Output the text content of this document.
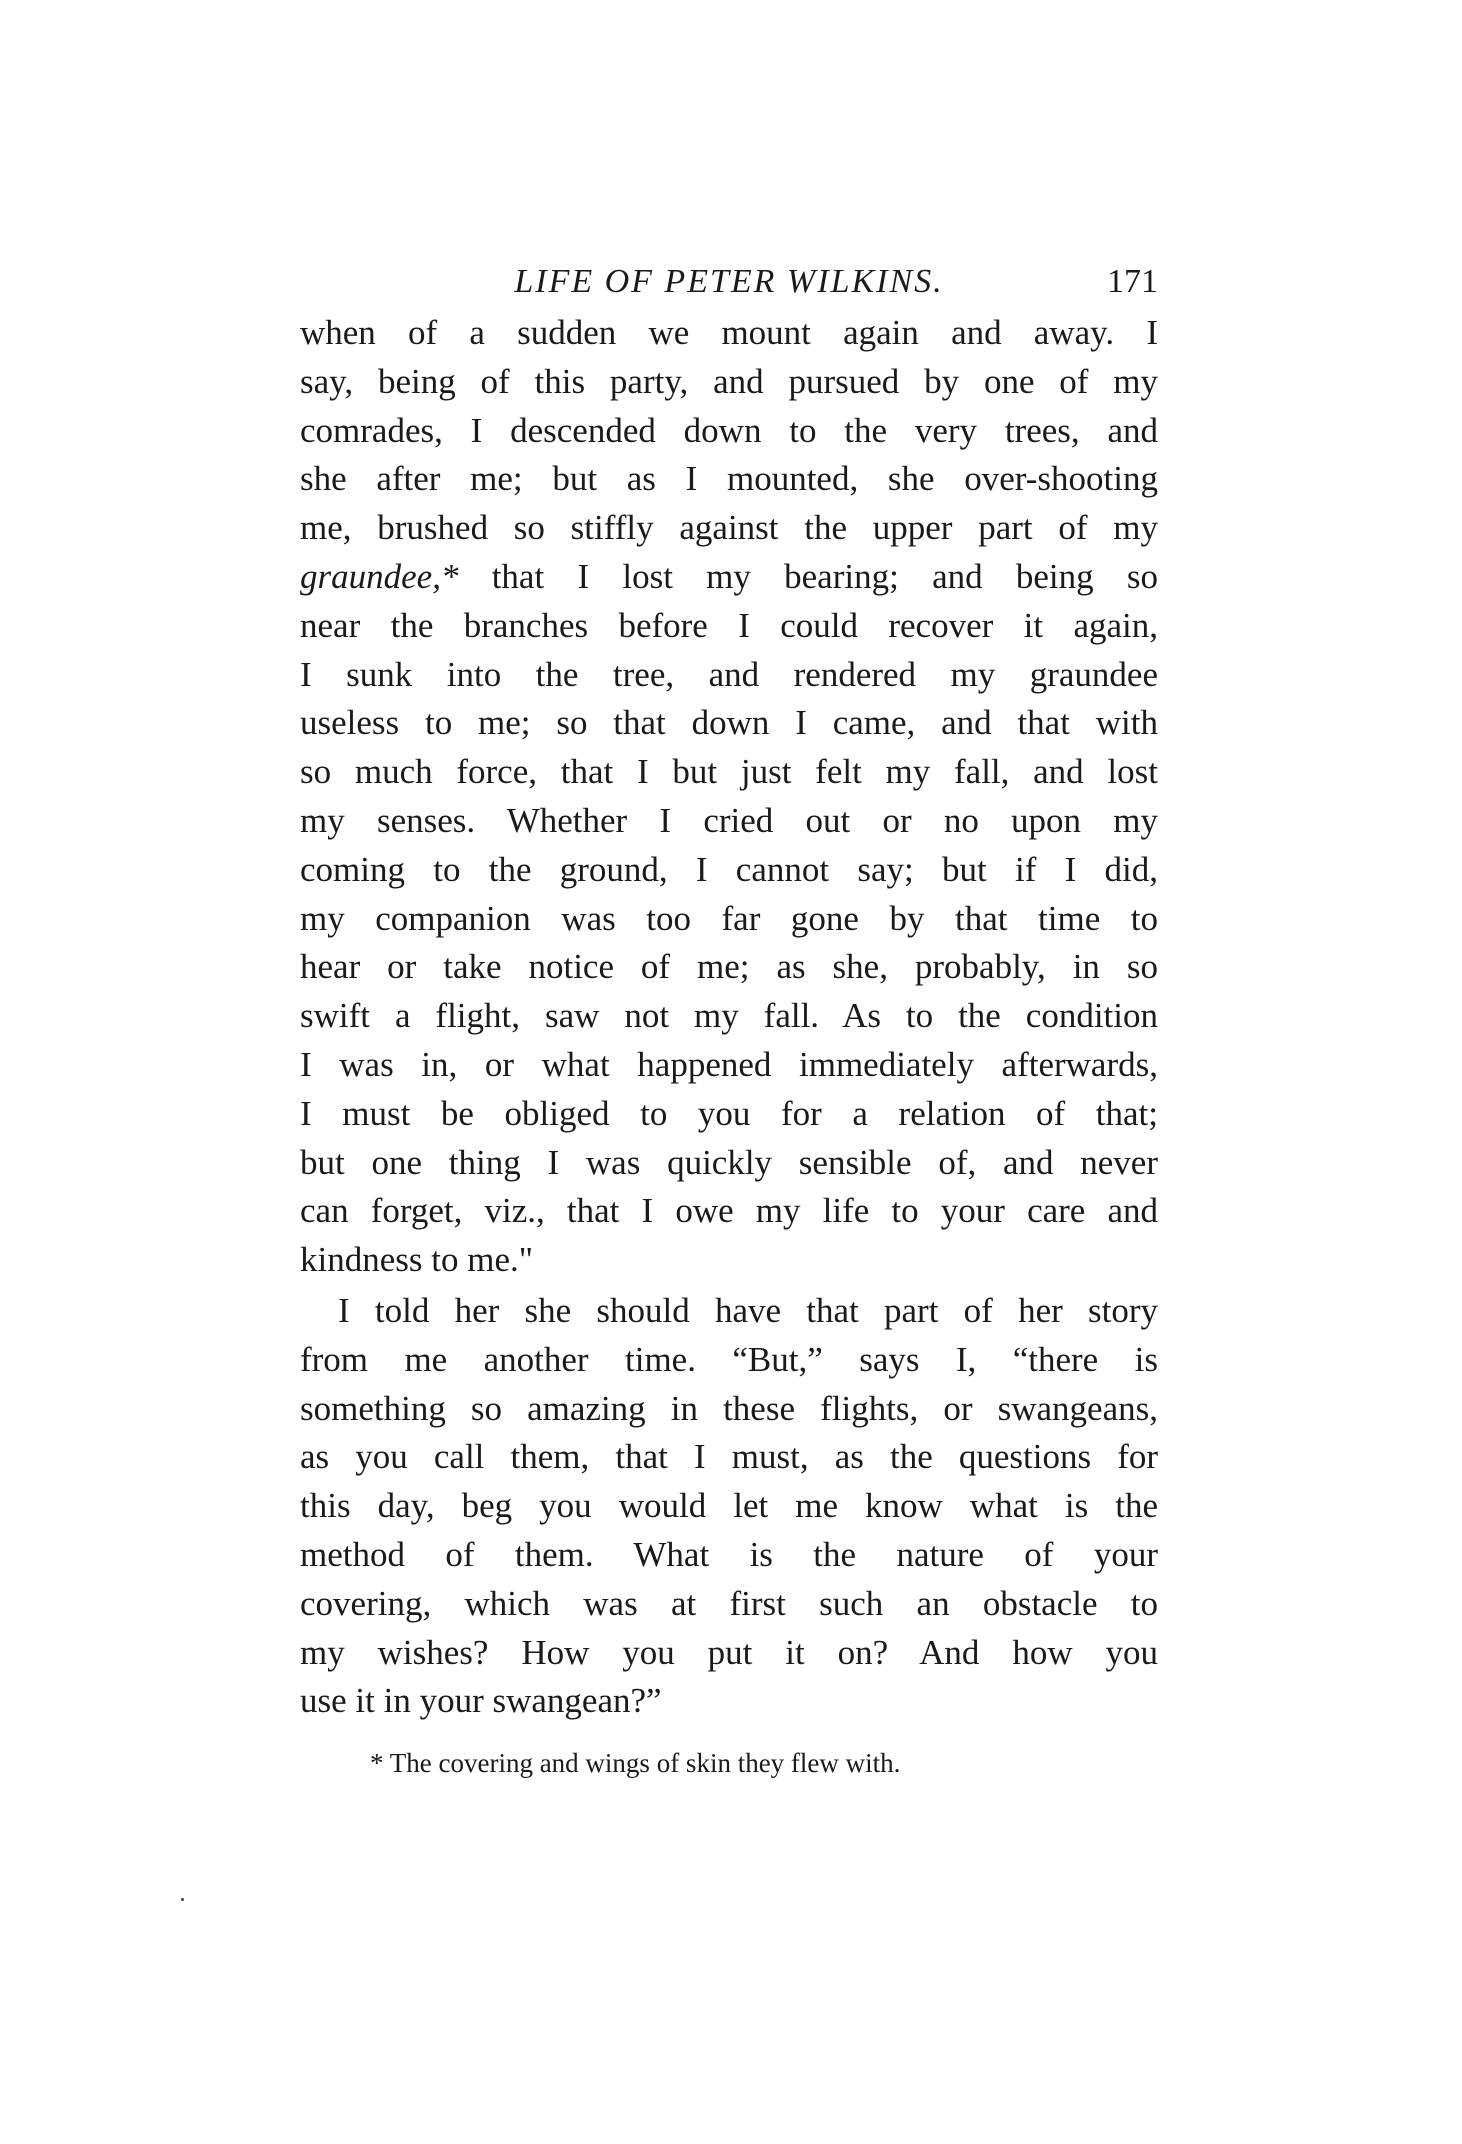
LIFE OF PETER WILKINS.	171
when of a sudden we mount again and away. I
say, being of this party, and pursued by one of my
comrades, I descended down to the very trees, and
she after me; but as I mounted, she over-shooting
me, brushed so stiffly against the upper part of my
graundee,* that I lost my bearing; and being so
near the branches before I could recover it again,
I sunk into the tree, and rendered my graundee
useless to me; so that down I came, and that with
so much force, that I but just felt my fall, and lost
my senses. Whether I cried out or no upon my
coming to the ground, I cannot say; but if I did,
my companion was too far gone by that time to
hear or take notice of me; as she, probably, in so
swift a flight, saw not my fall. As to the condition
I was in, or what happened immediately afterwards,
I must be obliged to you for a relation of that;
but one thing I was quickly sensible of, and never
can forget, viz., that I owe my life to your care and
kindness to me."
I told her she should have that part of her story
from me another time. “But,” says I, “there is
something so amazing in these flights, or swangeans,
as you call them, that I must, as the questions for
this day, beg you would let me know what is the
method of them. What is the nature of your
covering, which was at first such an obstacle to
my wishes? How you put it on? And how you
use it in your swangean?”
* The covering and wings of skin they flew with.
